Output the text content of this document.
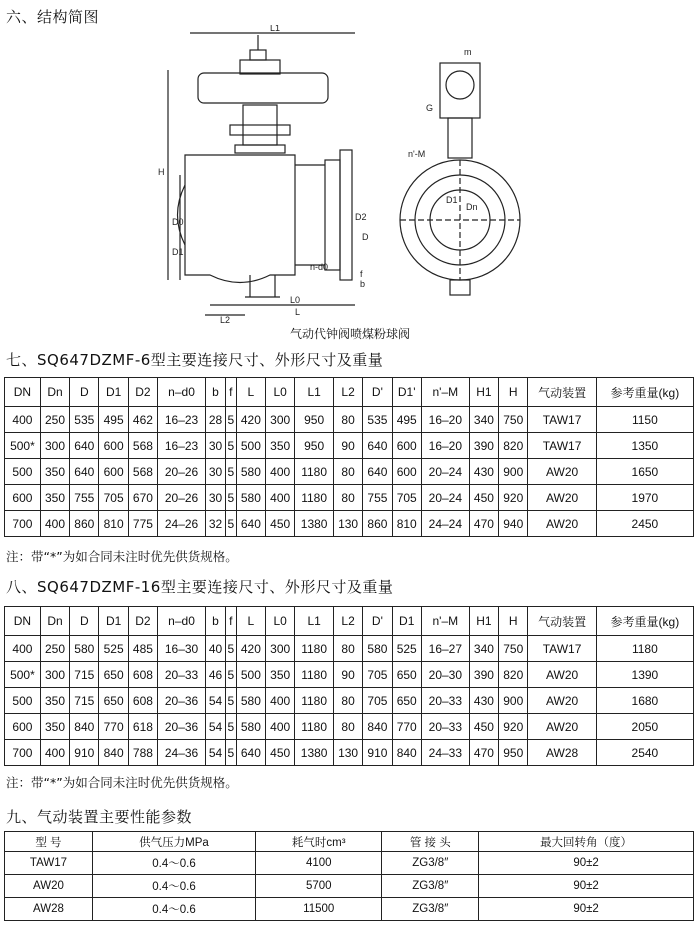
六、结构简图
L1
H
D0
D1
D2
D
L
L0
L2
n-d0
b
f
n'-M
D1
Dn
m
G
气动代钟阀喷煤粉球阀
七、SQ647DZMF-6型主要连接尺寸、外形尺寸及重量
DN	Dn	D	D1	D2	n–d0	b	f	L	L0	L1	L2	D'	D1'	n'–M	H1	H	气动装置	参考重量(kg)
400	250	535	495	462	16–23	28	5	420	300	950	80	535	495	16–20	340	750	TAW17	1150
500*	300	640	600	568	16–23	30	5	500	350	950	90	640	600	16–20	390	820	TAW17	1350
500	350	640	600	568	20–26	30	5	580	400	1180	80	640	600	20–24	430	900	AW20	1650
600	350	755	705	670	20–26	30	5	580	400	1180	80	755	705	20–24	450	920	AW20	1970
700	400	860	810	775	24–26	32	5	640	450	1380	130	860	810	24–24	470	940	AW20	2450
注：带“*”为如合同未注时优先供货规格。
八、SQ647DZMF-16型主要连接尺寸、外形尺寸及重量
DN	Dn	D	D1	D2	n–d0	b	f	L	L0	L1	L2	D'	D1	n'–M	H1	H	气动装置	参考重量(kg)
400	250	580	525	485	16–30	40	5	420	300	1180	80	580	525	16–27	340	750	TAW17	1180
500*	300	715	650	608	20–33	46	5	500	350	1180	90	705	650	20–30	390	820	AW20	1390
500	350	715	650	608	20–36	54	5	580	400	1180	80	705	650	20–33	430	900	AW20	1680
600	350	840	770	618	20–36	54	5	580	400	1180	80	840	770	20–33	450	920	AW20	2050
700	400	910	840	788	24–36	54	5	640	450	1380	130	910	840	24–33	470	950	AW28	2540
注：带“*”为如合同未注时优先供货规格。
九、气动装置主要性能参数
型 号	供气压力MPa	耗气时cm³	管 接 头	最大回转角（度）
TAW17	0.4～0.6	4100	ZG3/8″	90±2
AW20	0.4～0.6	5700	ZG3/8″	90±2
AW28	0.4～0.6	11500	ZG3/8″	90±2
